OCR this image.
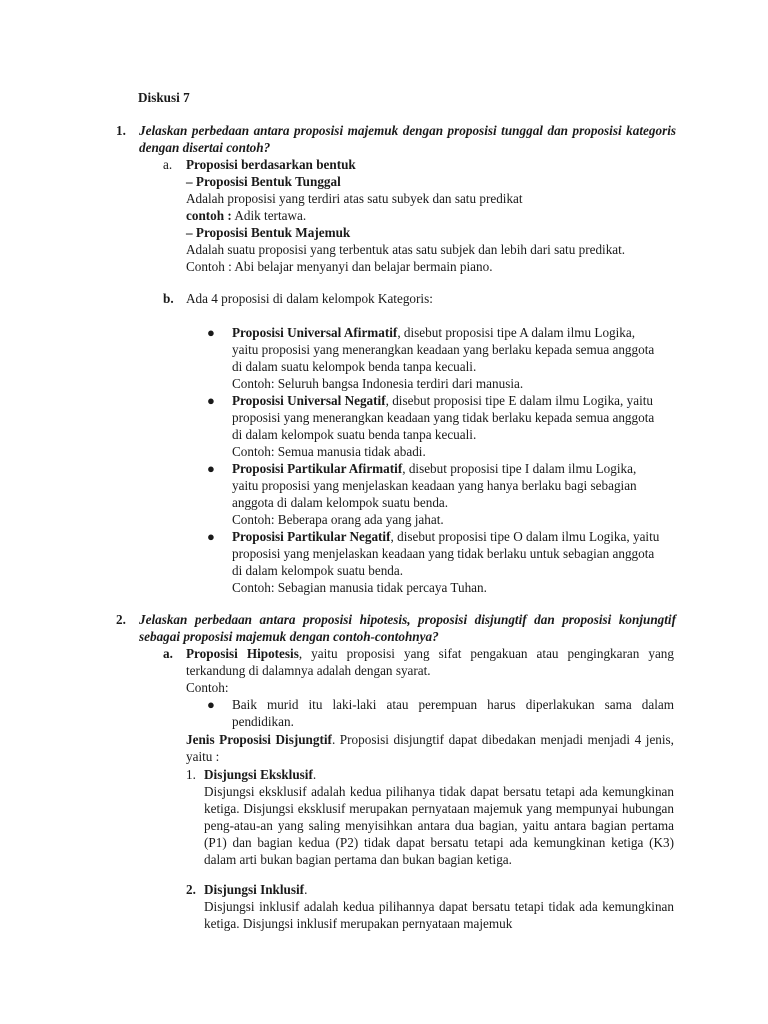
Diskusi 7
1. Jelaskan perbedaan antara proposisi majemuk dengan proposisi tunggal dan proposisi kategoris dengan disertai contoh?

a. Proposisi berdasarkan bentuk

– Proposisi Bentuk Tunggal

Adalah proposisi yang terdiri atas satu subyek dan satu predikat

contoh : Adik tertawa.

– Proposisi Bentuk Majemuk

Adalah suatu proposisi yang terbentuk atas satu subjek dan lebih dari satu predikat.

Contoh : Abi belajar menyanyi dan belajar bermain piano.

b. Ada 4 proposisi di dalam kelompok Kategoris:
● Proposisi Universal Afirmatif, disebut proposisi tipe A dalam ilmu Logika, yaitu proposisi yang menerangkan keadaan yang berlaku kepada semua anggota di dalam suatu kelompok benda tanpa kecuali.

Contoh: Seluruh bangsa Indonesia terdiri dari manusia.

● Proposisi Universal Negatif, disebut proposisi tipe E dalam ilmu Logika, yaitu proposisi yang menerangkan keadaan yang tidak berlaku kepada semua anggota di dalam kelompok suatu benda tanpa kecuali.

Contoh: Semua manusia tidak abadi.

● Proposisi Partikular Afirmatif, disebut proposisi tipe I dalam ilmu Logika, yaitu proposisi yang menjelaskan keadaan yang hanya berlaku bagi sebagian anggota di dalam kelompok suatu benda.

Contoh: Beberapa orang ada yang jahat.

● Proposisi Partikular Negatif, disebut proposisi tipe O dalam ilmu Logika, yaitu proposisi yang menjelaskan keadaan yang tidak berlaku untuk sebagian anggota di dalam kelompok suatu benda.

Contoh: Sebagian manusia tidak percaya Tuhan.

2. Jelaskan perbedaan antara proposisi hipotesis, proposisi disjungtif dan proposisi konjungtif sebagai proposisi majemuk dengan contoh-contohnya?

a. Proposisi Hipotesis, yaitu proposisi yang sifat pengakuan atau pengingkaran yang terkandung di dalamnya adalah dengan syarat.

Contoh:

● Baik murid itu laki-laki atau perempuan harus diperlakukan sama dalam pendidikan.

Jenis Proposisi Disjungtif. Proposisi disjungtif dapat dibedakan menjadi menjadi 4 jenis, yaitu :

1. Disjungsi Eksklusif.

Disjungsi eksklusif adalah kedua pilihanya tidak dapat bersatu tetapi ada kemungkinan ketiga. Disjungsi eksklusif merupakan pernyataan majemuk yang mempunyai hubungan peng-atau-an yang saling menyisihkan antara dua bagian, yaitu antara bagian pertama (P1) dan bagian kedua (P2) tidak dapat bersatu tetapi ada kemungkinan ketiga (K3) dalam arti bukan bagian pertama dan bukan bagian ketiga.

2. Disjungsi Inklusif.

Disjungsi inklusif adalah kedua pilihannya dapat bersatu tetapi tidak ada kemungkinan ketiga. Disjungsi inklusif merupakan pernyataan majemuk
